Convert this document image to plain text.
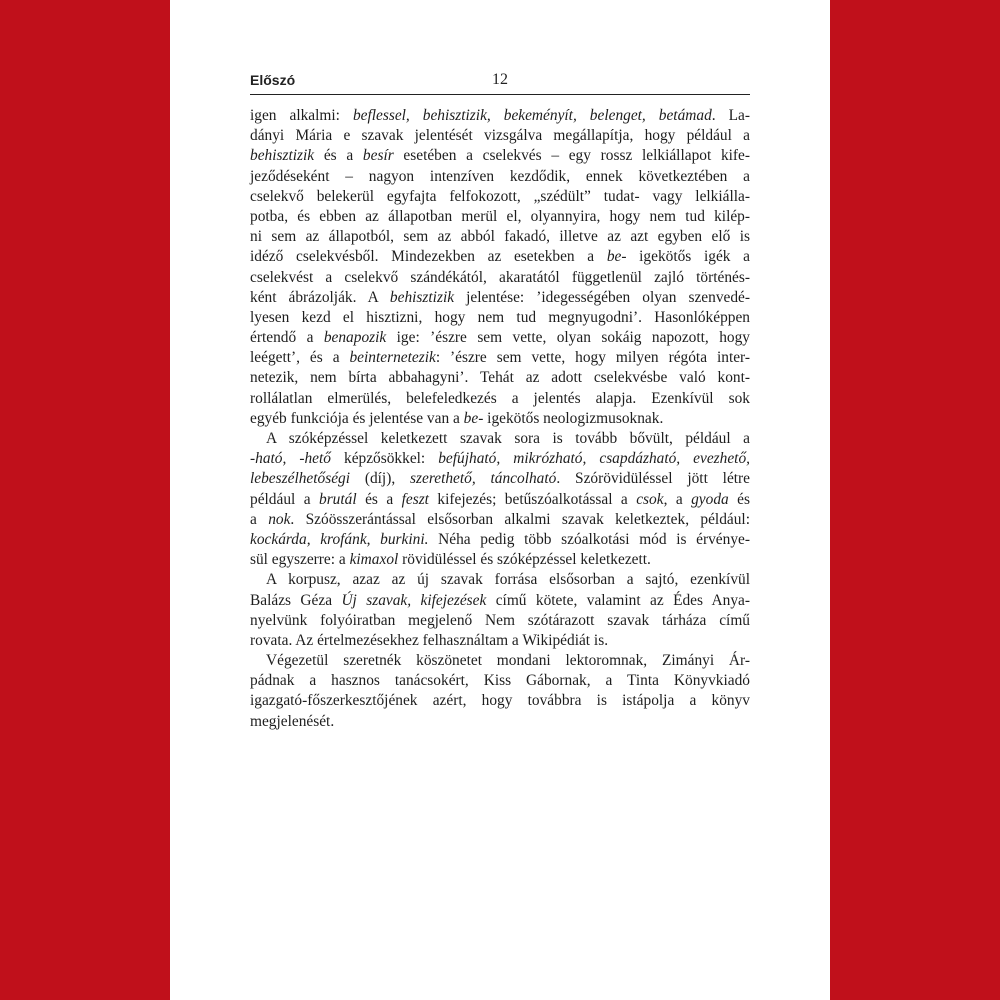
Előszó	12
igen alkalmi: beflessel, behisztizik, bekeményít, belenget, betámad. La-
dányi Mária e szavak jelentését vizsgálva megállapítja, hogy például a
behisztizik és a besír esetében a cselekvés – egy rossz lelkiállapot kife-
jeződéseként – nagyon intenzíven kezdődik, ennek következtében a
cselekvő belekerül egyfajta felfokozott, „szédült” tudat- vagy lelkiálla-
potba, és ebben az állapotban merül el, olyannyira, hogy nem tud kilép-
ni sem az állapotból, sem az abból fakadó, illetve az azt egyben elő is
idéző cselekvésből. Mindezekben az esetekben a be- igekötős igék a
cselekvést a cselekvő szándékától, akaratától függetlenül zajló történés-
ként ábrázolják. A behisztizik jelentése: ’idegességében olyan szenvedé-
lyesen kezd el hisztizni, hogy nem tud megnyugodni’. Hasonlóképpen
értendő a benapozik ige: ’észre sem vette, olyan sokáig napozott, hogy
leégett’, és a beinternetezik: ’észre sem vette, hogy milyen régóta inter-
netezik, nem bírta abbahagyni’. Tehát az adott cselekvésbe való kont-
rollálatlan elmerülés, belefeledkezés a jelentés alapja. Ezenkívül sok
egyéb funkciója és jelentése van a be- igekötős neologizmusoknak.
A szóképzéssel keletkezett szavak sora is tovább bővült, például a
-ható, -hető képzősökkel: befújható, mikrózható, csapdázható, evezhető,
lebeszélhetőségi (díj), szerethető, táncolható. Szórövidüléssel jött létre
például a brutál és a feszt kifejezés; betűszóalkotással a csok, a gyoda és
a nok. Szóösszerántással elsősorban alkalmi szavak keletkeztek, például:
kockárda, krofánk, burkini. Néha pedig több szóalkotási mód is érvénye-
sül egyszerre: a kimaxol rövidüléssel és szóképzéssel keletkezett.
A korpusz, azaz az új szavak forrása elsősorban a sajtó, ezenkívül
Balázs Géza Új szavak, kifejezések című kötete, valamint az Édes Anya-
nyelvünk folyóiratban megjelenő Nem szótárazott szavak tárháza című
rovata. Az értelmezésekhez felhasználtam a Wikipédiát is.
Végezetül szeretnék köszönetet mondani lektoromnak, Zimányi Ár-
pádnak a hasznos tanácsokért, Kiss Gábornak, a Tinta Könyvkiadó
igazgató-főszerkesztőjének azért, hogy továbbra is istápolja a könyv
megjelenését.
